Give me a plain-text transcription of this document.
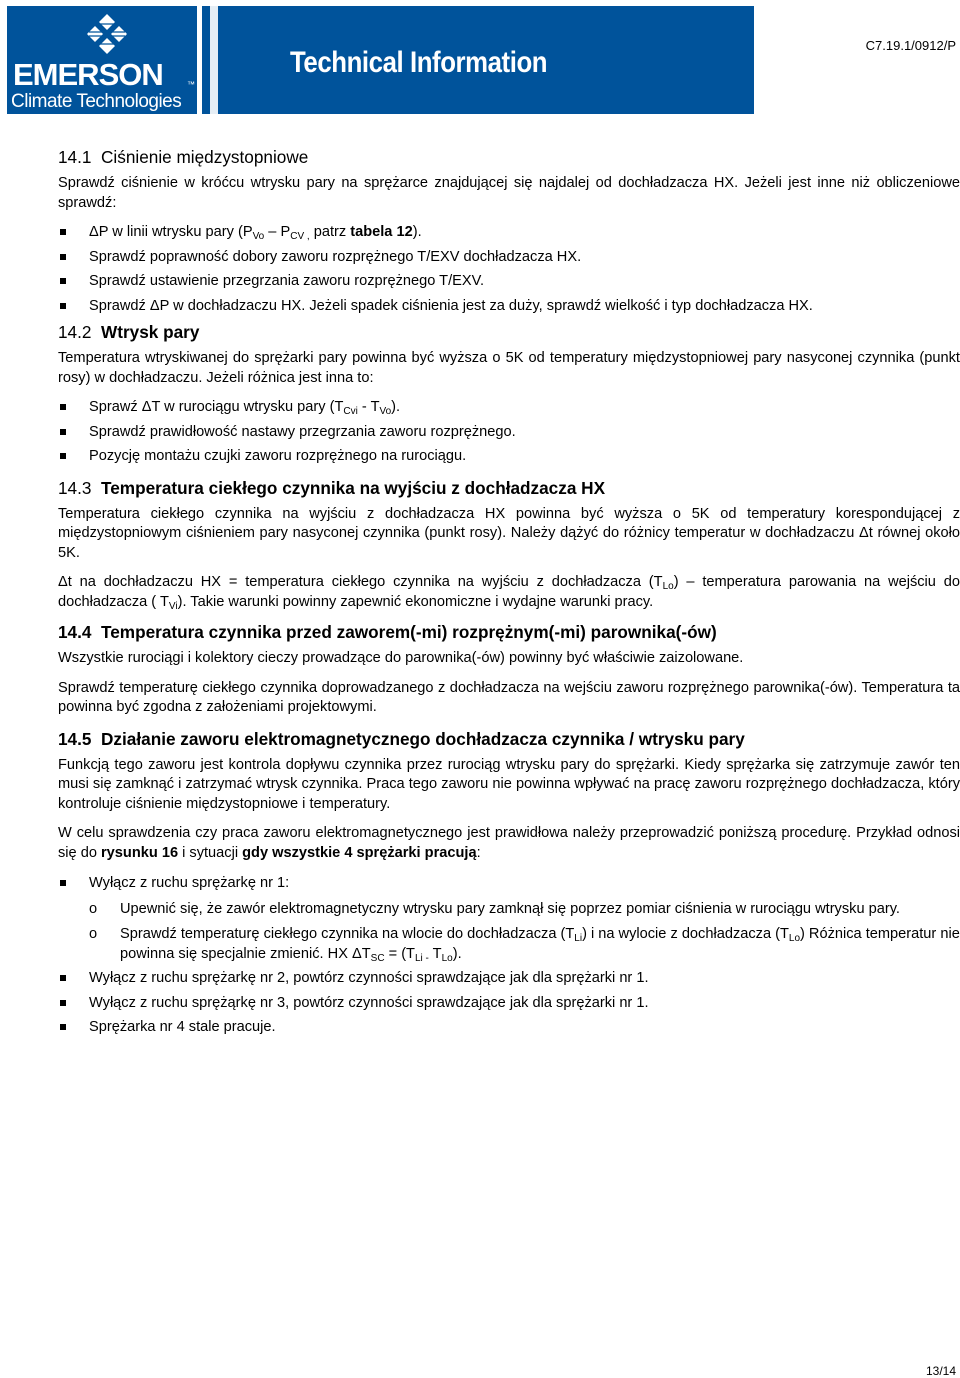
EMERSON	™
Climate Technologies
Technical Information
C7.19.1/0912/P
14.1 Ciśnienie międzystopniowe

Sprawdź ciśnienie w króćcu wtrysku pary na sprężarce znajdującej się najdalej od dochładzacza HX. Jeżeli jest inne niż obliczeniowe sprawdź:

ΔP w linii wtrysku pary ($P_{Vo} - P_{CV ,}$ patrz tabela 12).
Sprawdź poprawność dobory zaworu rozprężnego T/EXV dochładzacza HX.
Sprawdź ustawienie przegrzania zaworu rozprężnego T/EXV.
Sprawdź ΔP w dochładzaczu HX. Jeżeli spadek ciśnienia jest za duży, sprawdź wielkość i typ dochładzacza HX.
14.2 Wtrysk pary

Temperatura wtryskiwanej do sprężarki pary powinna być wyższa o 5K od temperatury międzystopniowej pary nasyconej czynnika (punkt rosy) w dochładzaczu. Jeżeli różnica jest inna to:

Sprawź ΔT w rurociągu wtrysku pary $(T_{Cvi} - T_{Vo})$.
Sprawdź prawidłowość nastawy przegrzania zaworu rozprężnego.
Pozycję montażu czujki zaworu rozprężnego na rurociągu.
14.3 Temperatura ciekłego czynnika na wyjściu z dochładzacza HX

Temperatura ciekłego czynnika na wyjściu z dochładzacza HX powinna być wyższa o 5K od temperatury korespondującej z międzystopniowym ciśnieniem pary nasyconej czynnika (punkt rosy). Należy dążyć do różnicy temperatur w dochładzaczu Δt równej około 5K.

Δt na dochładzaczu HX = temperatura ciekłego czynnika na wyjściu z dochładzacza $(T_{Lo})$ – temperatura parowania na wejściu do dochładzacza ( $T_{Vi}$). Takie warunki powinny zapewnić ekonomiczne i wydajne warunki pracy.

14.4 Temperatura czynnika przed zaworem(-mi) rozprężnym(-mi) parownika(-ów)

Wszystkie rurociągi i kolektory cieczy prowadzące do parownika(-ów) powinny być właściwie zaizolowane.

Sprawdź temperaturę ciekłego czynnika doprowadzanego z dochładzacza na wejściu zaworu rozprężnego parownika(-ów). Temperatura ta powinna być zgodna z założeniami projektowymi.

14.5 Działanie zaworu elektromagnetycznego dochładzacza czynnika / wtrysku pary

Funkcją tego zaworu jest kontrola dopływu czynnika przez rurociąg wtrysku pary do sprężarki. Kiedy sprężarka się zatrzymuje zawór ten musi się zamknąć i zatrzymać wtrysk czynnika. Praca tego zaworu nie powinna wpływać na pracę zaworu rozprężnego dochładzacza, który kontroluje ciśnienie międzystopniowe i temperatury.

W celu sprawdzenia czy praca zaworu elektromagnetycznego jest prawidłowa należy przeprowadzić poniższą procedurę. Przykład odnosi się do rysunku 16 i sytuacji gdy wszystkie 4 sprężarki pracują:

Wyłącz z ruchu sprężarkę nr 1:
o Upewnić się, że zawór elektromagnetyczny wtrysku pary zamknął się poprzez pomiar ciśnienia w rurociągu wtrysku pary.
o Sprawdź temperaturę ciekłego czynnika na wlocie do dochładzacza $(T_{Li})$ i na wylocie z dochładzacza $(T_{Lo})$ Różnica temperatur nie powinna się specjalnie zmienić. HX $\Delta T_{SC} = (T_{Li -}$ $T_{Lo}$).
Wyłącz z ruchu sprężarkę nr 2, powtórz czynności sprawdzające jak dla sprężarki nr 1.
Wyłącz z ruchu sprężąrkę nr 3, powtórz czynności sprawdzające jak dla sprężarki nr 1.
Sprężarka nr 4 stale pracuje.
13/14
